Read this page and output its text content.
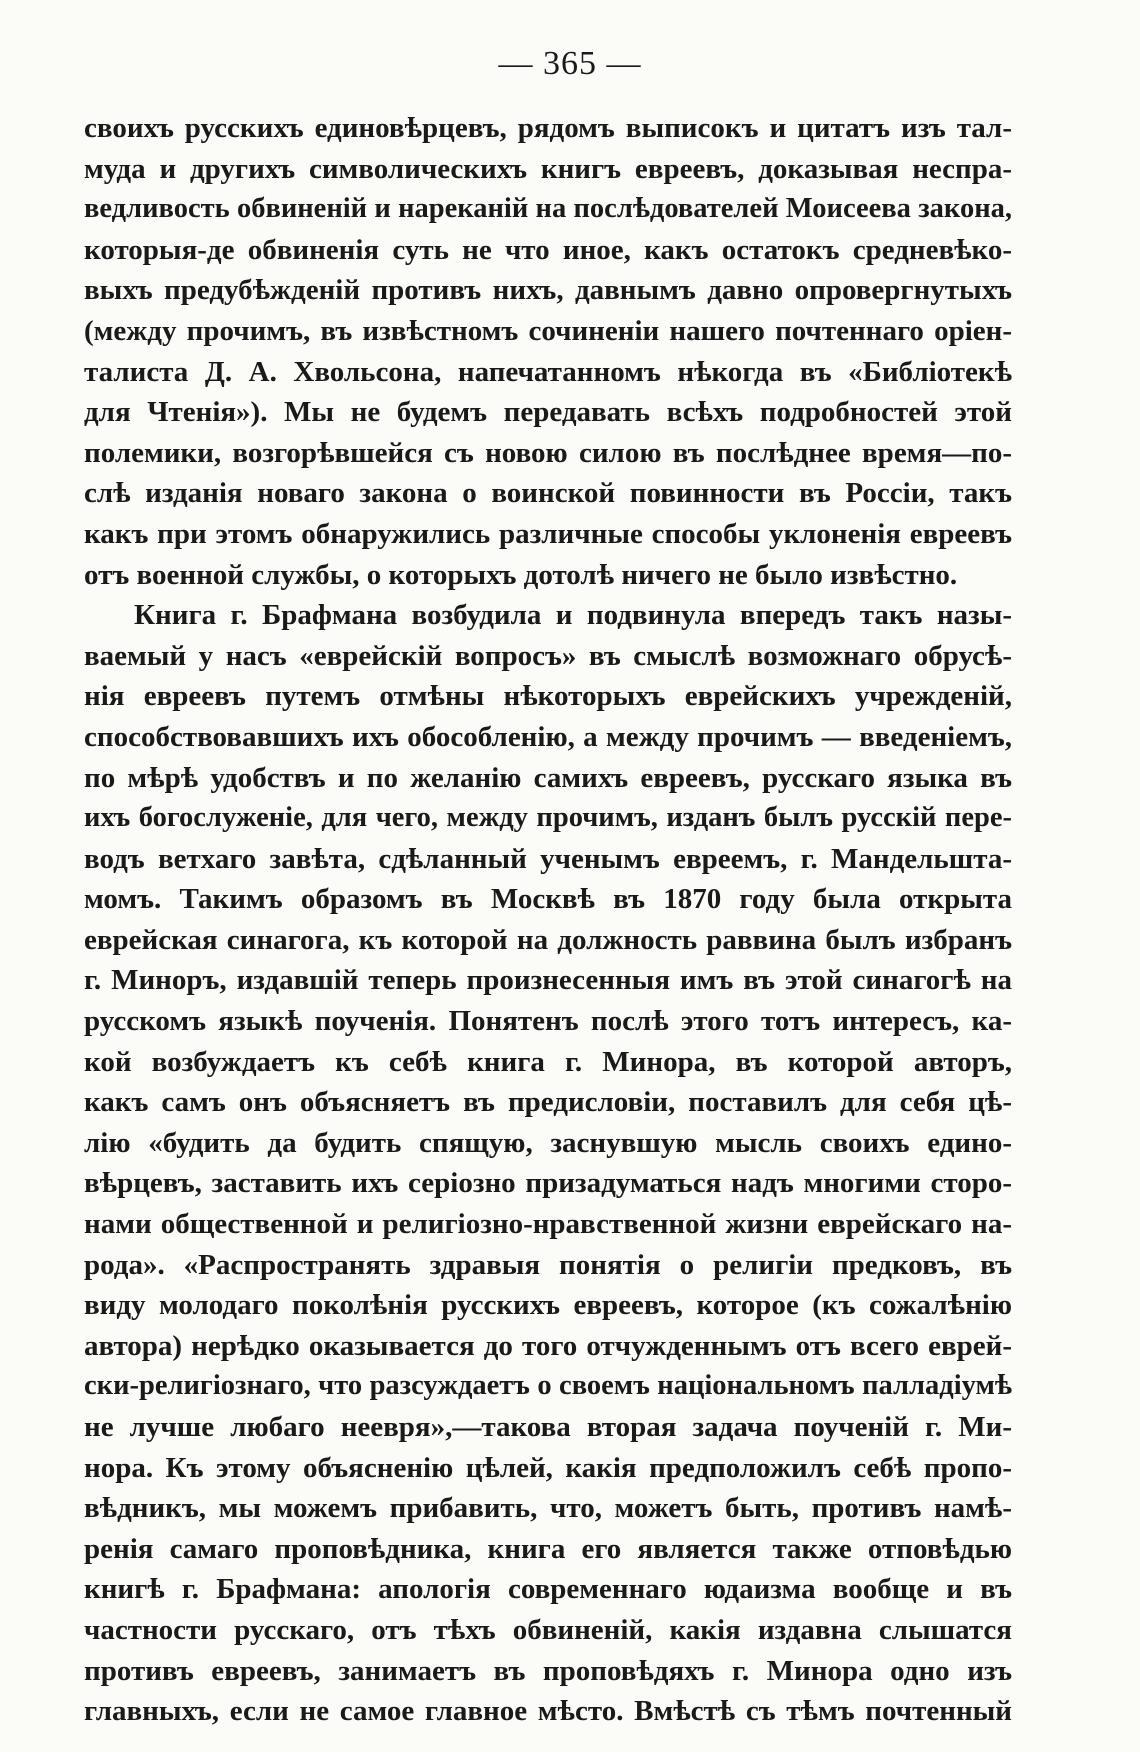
— 365 —
своихъ русскихъ единовѣрцевъ, рядомъ выписокъ и цитатъ изъ тал-
муда и другихъ символическихъ книгъ евреевъ, доказывая неспра-
ведливость обвиненій и нареканій на послѣдователей Моисеева закона,
которыя-де обвиненія суть не что иное, какъ остатокъ средневѣко-
выхъ предубѣжденій противъ нихъ, давнымъ давно опровергнутыхъ
(между прочимъ, въ извѣстномъ сочиненіи нашего почтеннаго оріен-
талиста Д. А. Хвольсона, напечатанномъ нѣкогда въ «Библіотекѣ
для Чтенія»). Мы не будемъ передавать всѣхъ подробностей этой
полемики, возгорѣвшейся съ новою силою въ послѣднее время—по-
слѣ изданія новаго закона о воинской повинности въ Россіи, такъ
какъ при этомъ обнаружились различные способы уклоненія евреевъ
отъ военной службы, о которыхъ дотолѣ ничего не было извѣстно.
Книга г. Брафмана возбудила и подвинула впередъ такъ назы-
ваемый у насъ «еврейскій вопросъ» въ смыслѣ возможнаго обрусѣ-
нія евреевъ путемъ отмѣны нѣкоторыхъ еврейскихъ учрежденій,
способствовавшихъ ихъ обособленію, а между прочимъ — введеніемъ,
по мѣрѣ удобствъ и по желанію самихъ евреевъ, русскаго языка въ
ихъ богослуженіе, для чего, между прочимъ, изданъ былъ русскій пере-
водъ ветхаго завѣта, сдѣланный ученымъ евреемъ, г. Мандельшта-
момъ. Такимъ образомъ въ Москвѣ въ 1870 году была открыта
еврейская синагога, къ которой на должность раввина былъ избранъ
г. Миноръ, издавшій теперь произнесенныя имъ въ этой синагогѣ на
русскомъ языкѣ поученія. Понятенъ послѣ этого тотъ интересъ, ка-
кой возбуждаетъ къ себѣ книга г. Минора, въ которой авторъ,
какъ самъ онъ объясняетъ въ предисловіи, поставилъ для себя цѣ-
лію «будить да будить спящую, заснувшую мысль своихъ едино-
вѣрцевъ, заставить ихъ серіозно призадуматься надъ многими сторо-
нами общественной и религіозно-нравственной жизни еврейскаго на-
рода». «Распространять здравыя понятія о религіи предковъ, въ
виду молодаго поколѣнія русскихъ евреевъ, которое (къ сожалѣнію
автора) нерѣдко оказывается до того отчужденнымъ отъ всего еврей-
ски-религіознаго, что разсуждаетъ о своемъ національномъ палладіумѣ
не лучше любаго неевря»,—такова вторая задача поученій г. Ми-
нора. Къ этому объясненію цѣлей, какія предположилъ себѣ пропо-
вѣдникъ, мы можемъ прибавить, что, можетъ быть, противъ намѣ-
ренія самаго проповѣдника, книга его является также отповѣдью
книгѣ г. Брафмана: апологія современнаго юдаизма вообще и въ
частности русскаго, отъ тѣхъ обвиненій, какія издавна слышатся
противъ евреевъ, занимаетъ въ проповѣдяхъ г. Минора одно изъ
главныхъ, если не самое главное мѣсто. Вмѣстѣ съ тѣмъ почтенный
